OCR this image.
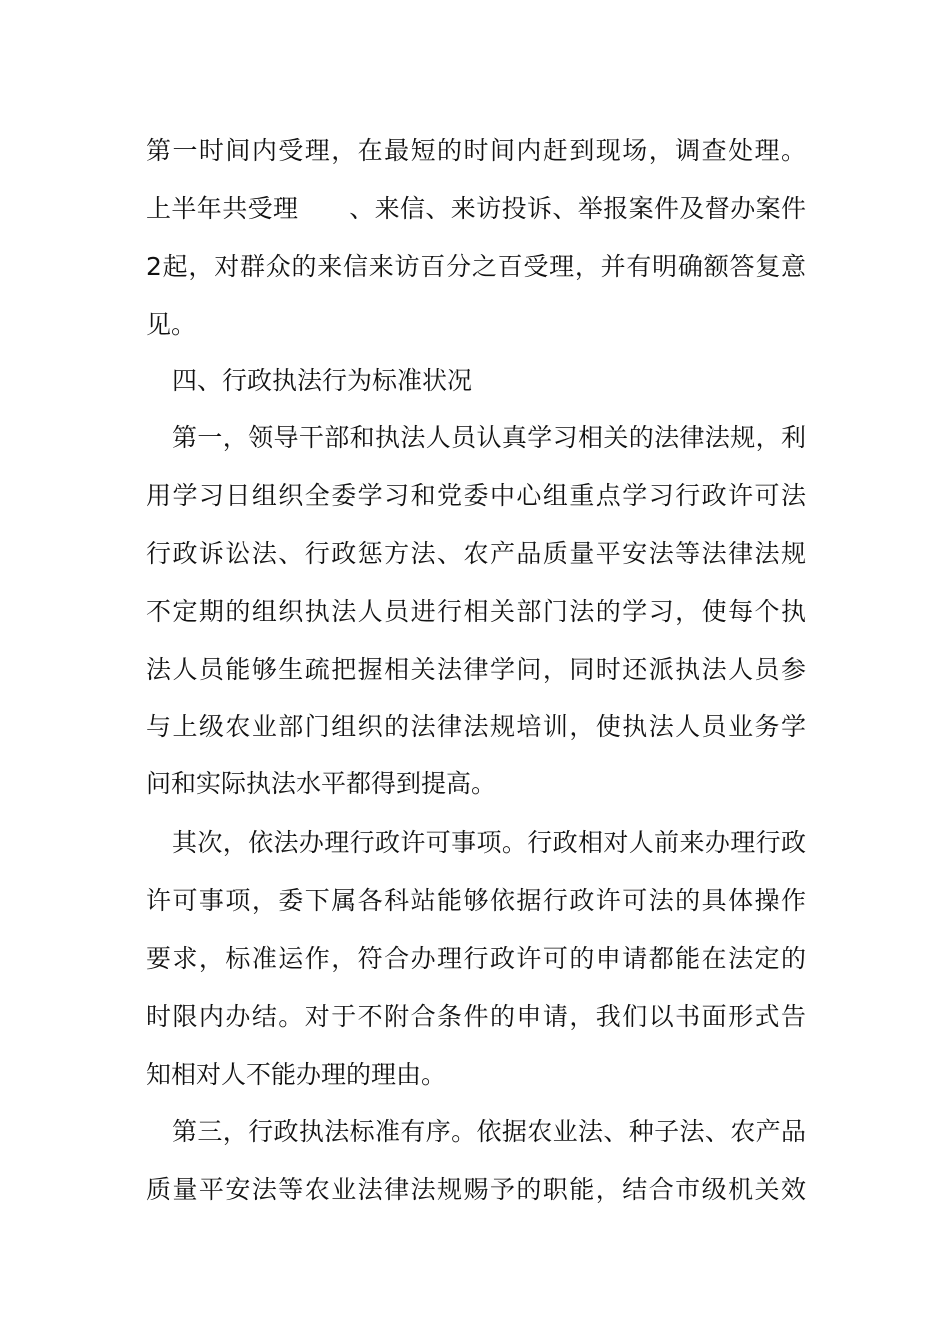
第一时间内受理，在最短的时间内赶到现场，调查处理。
上半年共受理　　、来信、来访投诉、举报案件及督办案件
2起，对群众的来信来访百分之百受理，并有明确额答复意
见。
四、行政执法行为标准状况
第一，领导干部和执法人员认真学习相关的法律法规，利
用学习日组织全委学习和党委中心组重点学习行政许可法
行政诉讼法、行政惩方法、农产品质量平安法等法律法规
不定期的组织执法人员进行相关部门法的学习，使每个执
法人员能够生疏把握相关法律学问，同时还派执法人员参
与上级农业部门组织的法律法规培训，使执法人员业务学
问和实际执法水平都得到提高。
其次，依法办理行政许可事项。行政相对人前来办理行政
许可事项，委下属各科站能够依据行政许可法的具体操作
要求，标准运作，符合办理行政许可的申请都能在法定的
时限内办结。对于不附合条件的申请，我们以书面形式告
知相对人不能办理的理由。
第三，行政执法标准有序。依据农业法、种子法、农产品
质量平安法等农业法律法规赐予的职能，结合市级机关效
